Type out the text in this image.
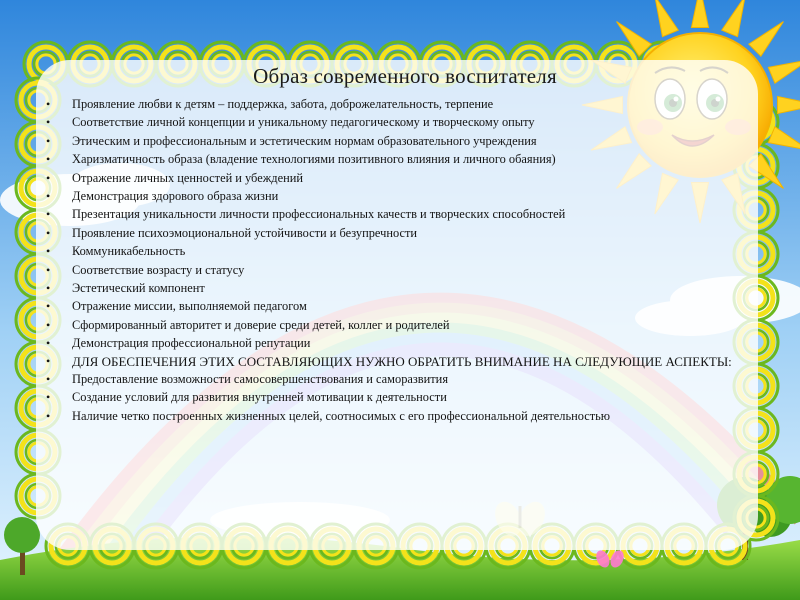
Образ современного воспитателя
• Проявление любви к детям – поддержка, забота, доброжелательность, терпение
• Соответствие личной концепции и уникальному педагогическому и творческому опыту
• Этическим и профессиональным и эстетическим нормам образовательного учреждения
• Харизматичность образа (владение технологиями позитивного влияния и личного обаяния)
• Отражение личных ценностей и убеждений
• Демонстрация здорового образа жизни
• Презентация уникальности личности профессиональных качеств и творческих способностей
• Проявление психоэмоциональной устойчивости и безупречности
• Коммуникабельность
• Соответствие возрасту и статусу
• Эстетический компонент
• Отражение миссии, выполняемой педагогом
• Сформированный авторитет и доверие среди детей, коллег и родителей
• Демонстрация профессиональной репутации
• ДЛЯ ОБЕСПЕЧЕНИЯ ЭТИХ СОСТАВЛЯЮЩИХ НУЖНО ОБРАТИТЬ ВНИМАНИЕ НА СЛЕДУЮЩИЕ АСПЕКТЫ:
• Предоставление возможности самосовершенствования и саморазвития
• Создание условий для развития внутренней мотивации к деятельности
• Наличие четко построенных жизненных целей, соотносимых с его профессиональной деятельностью
